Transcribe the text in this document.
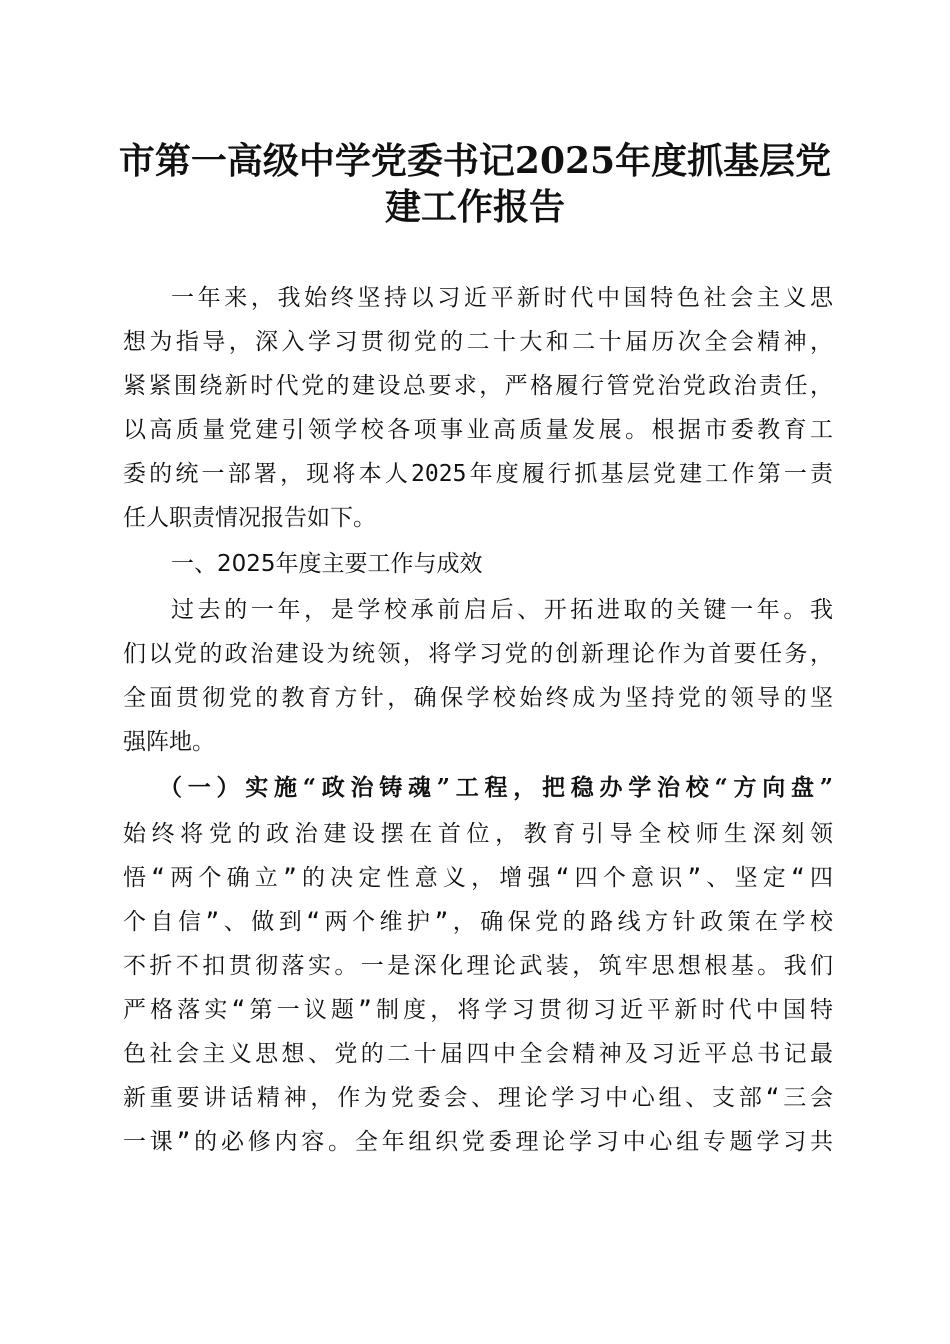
市第一高级中学党委书记2025年度抓基层党
建工作报告

一年来，我始终坚持以习近平新时代中国特色社会主义思

想为指导，深入学习贯彻党的二十大和二十届历次全会精神，

紧紧围绕新时代党的建设总要求，严格履行管党治党政治责任，

以高质量党建引领学校各项事业高质量发展。根据市委教育工

委的统一部署，现将本人2025年度履行抓基层党建工作第一责

任人职责情况报告如下。

一、2025年度主要工作与成效

过去的一年，是学校承前启后、开拓进取的关键一年。我

们以党的政治建设为统领，将学习党的创新理论作为首要任务，

全面贯彻党的教育方针，确保学校始终成为坚持党的领导的坚

强阵地。

（一）实施“政治铸魂”工程，把稳办学治校“方向盘”

始终将党的政治建设摆在首位，教育引导全校师生深刻领

悟“两个确立”的决定性意义，增强“四个意识”、坚定“四

个自信”、做到“两个维护”，确保党的路线方针政策在学校

不折不扣贯彻落实。一是深化理论武装，筑牢思想根基。我们

严格落实“第一议题”制度，将学习贯彻习近平新时代中国特

色社会主义思想、党的二十届四中全会精神及习近平总书记最

新重要讲话精神，作为党委会、理论学习中心组、支部“三会

一课”的必修内容。全年组织党委理论学习中心组专题学习共
